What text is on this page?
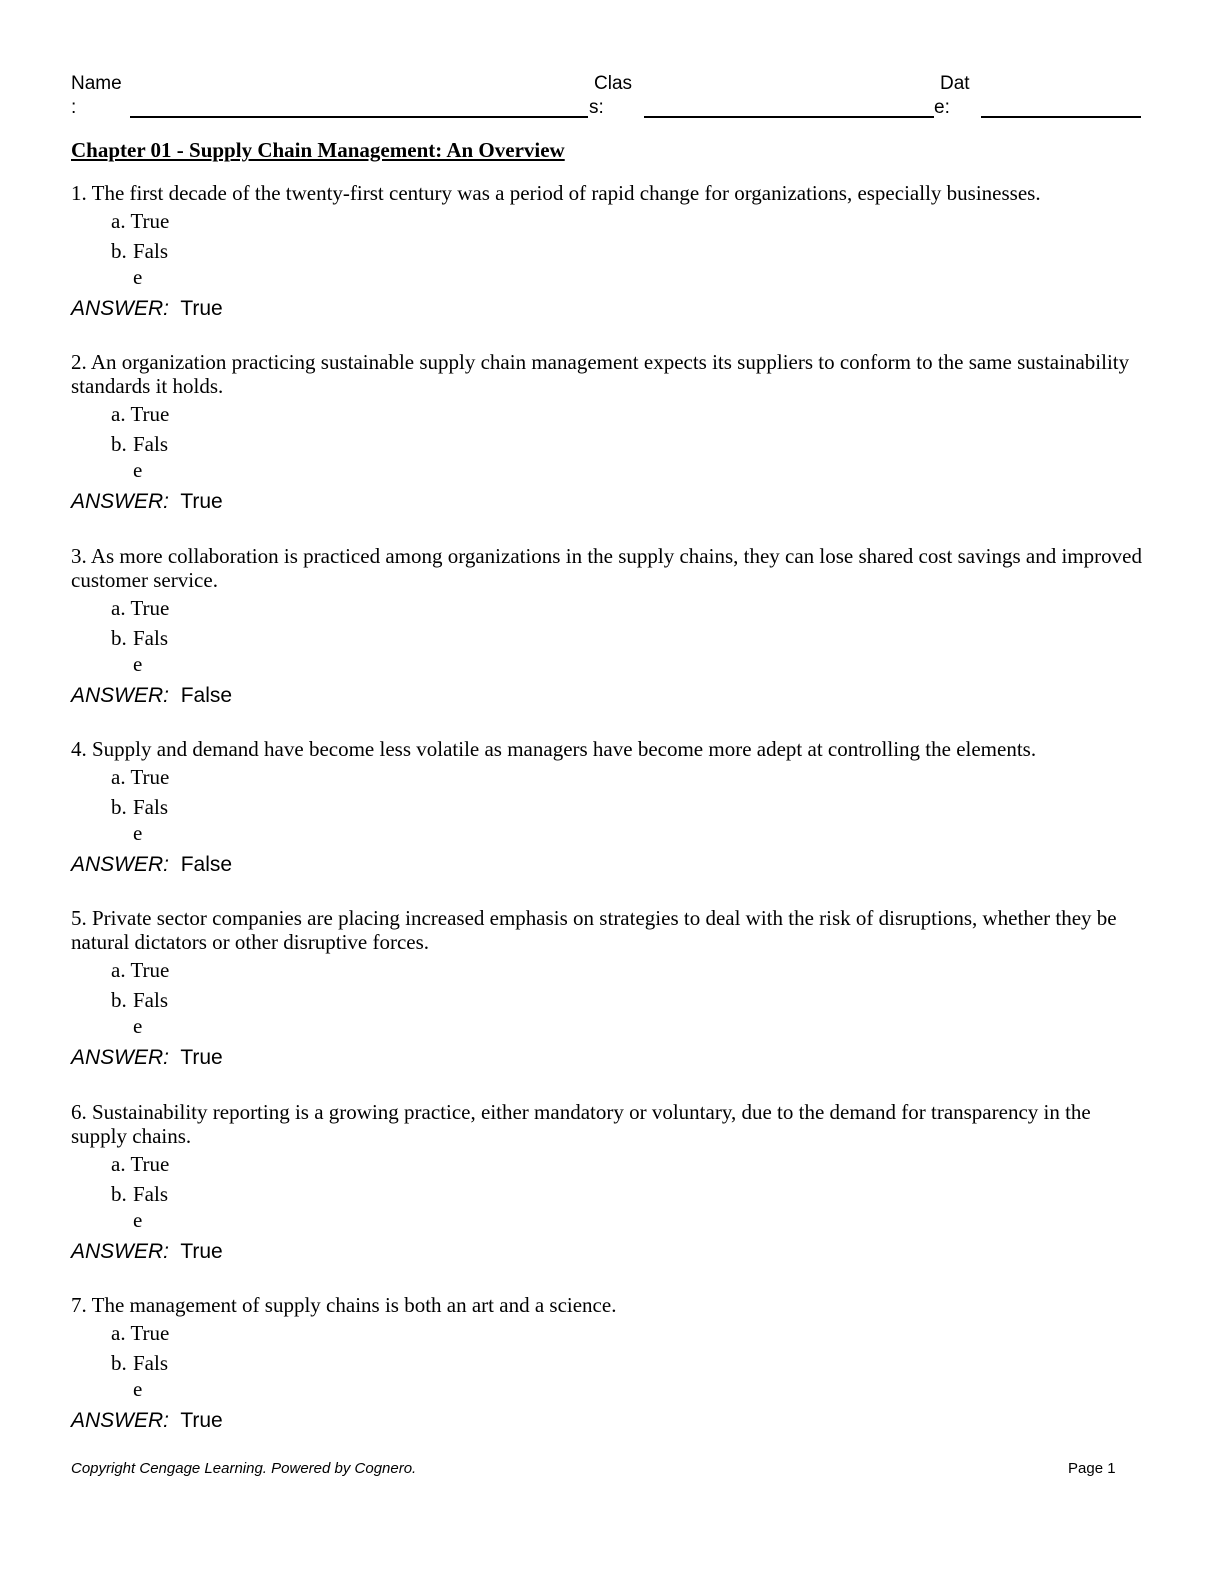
Name
:
Clas
s:
Dat
e:
Chapter 01 - Supply Chain Management: An Overview

1. The first decade of the twenty-first century was a period of rapid change for organizations, especially businesses.

a. True
b. Fals
e
ANSWER: True

2. An organization practicing sustainable supply chain management expects its suppliers to conform to the same sustainability standards it holds.

a. True
b. Fals
e
ANSWER: True

3. As more collaboration is practiced among organizations in the supply chains, they can lose shared cost savings and improved customer service.

a. True
b. Fals
e
ANSWER: False

4. Supply and demand have become less volatile as managers have become more adept at controlling the elements.

a. True
b. Fals
e
ANSWER: False

5. Private sector companies are placing increased emphasis on strategies to deal with the risk of disruptions, whether they be natural dictators or other disruptive forces.

a. True
b. Fals
e
ANSWER: True

6. Sustainability reporting is a growing practice, either mandatory or voluntary, due to the demand for transparency in the supply chains.

a. True
b. Fals
e
ANSWER: True

7. The management of supply chains is both an art and a science.

a. True
b. Fals
e
ANSWER: True
Copyright Cengage Learning. Powered by Cognero.	Page 1
